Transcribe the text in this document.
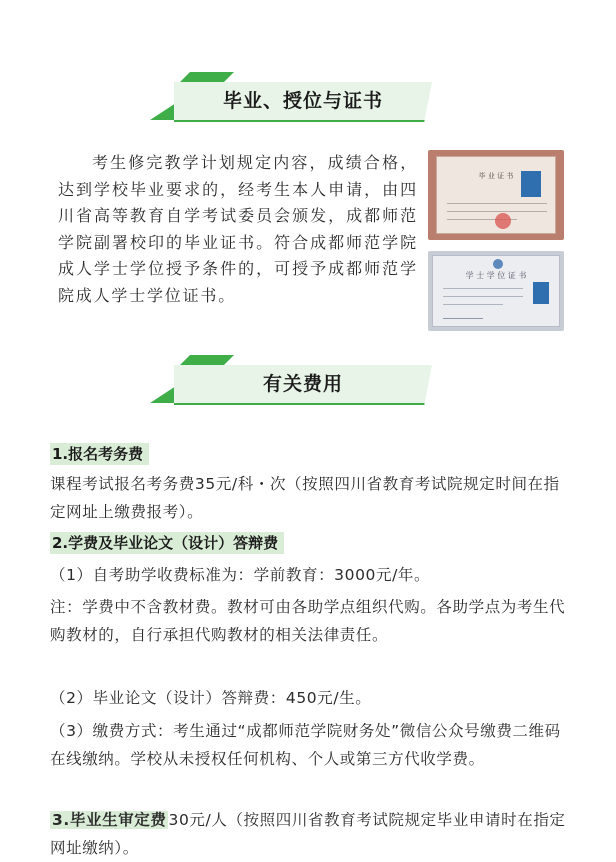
毕业、授位与证书
考生修完教学计划规定内容，成绩合格，达到学校毕业要求的，经考生本人申请，由四川省高等教育自学考试委员会颁发，成都师范学院副署校印的毕业证书。符合成都师范学院成人学士学位授予条件的，可授予成都师范学院成人学士学位证书。
毕 业 证 书
学 士 学 位 证 书
有关费用
1.报名考务费
课程考试报名考务费35元/科・次（按照四川省教育考试院规定时间在指定网址上缴费报考）。
2.学费及毕业论文（设计）答辩费
（1）自考助学收费标准为：学前教育：3000元/年。
注：学费中不含教材费。教材可由各助学点组织代购。各助学点为考生代购教材的，自行承担代购教材的相关法律责任。
（2）毕业论文（设计）答辩费：450元/生。
（3）缴费方式：考生通过“成都师范学院财务处”微信公众号缴费二维码在线缴纳。学校从未授权任何机构、个人或第三方代收学费。
3.毕业生审定费 30元/人（按照四川省教育考试院规定毕业申请时在指定网址缴纳）。
